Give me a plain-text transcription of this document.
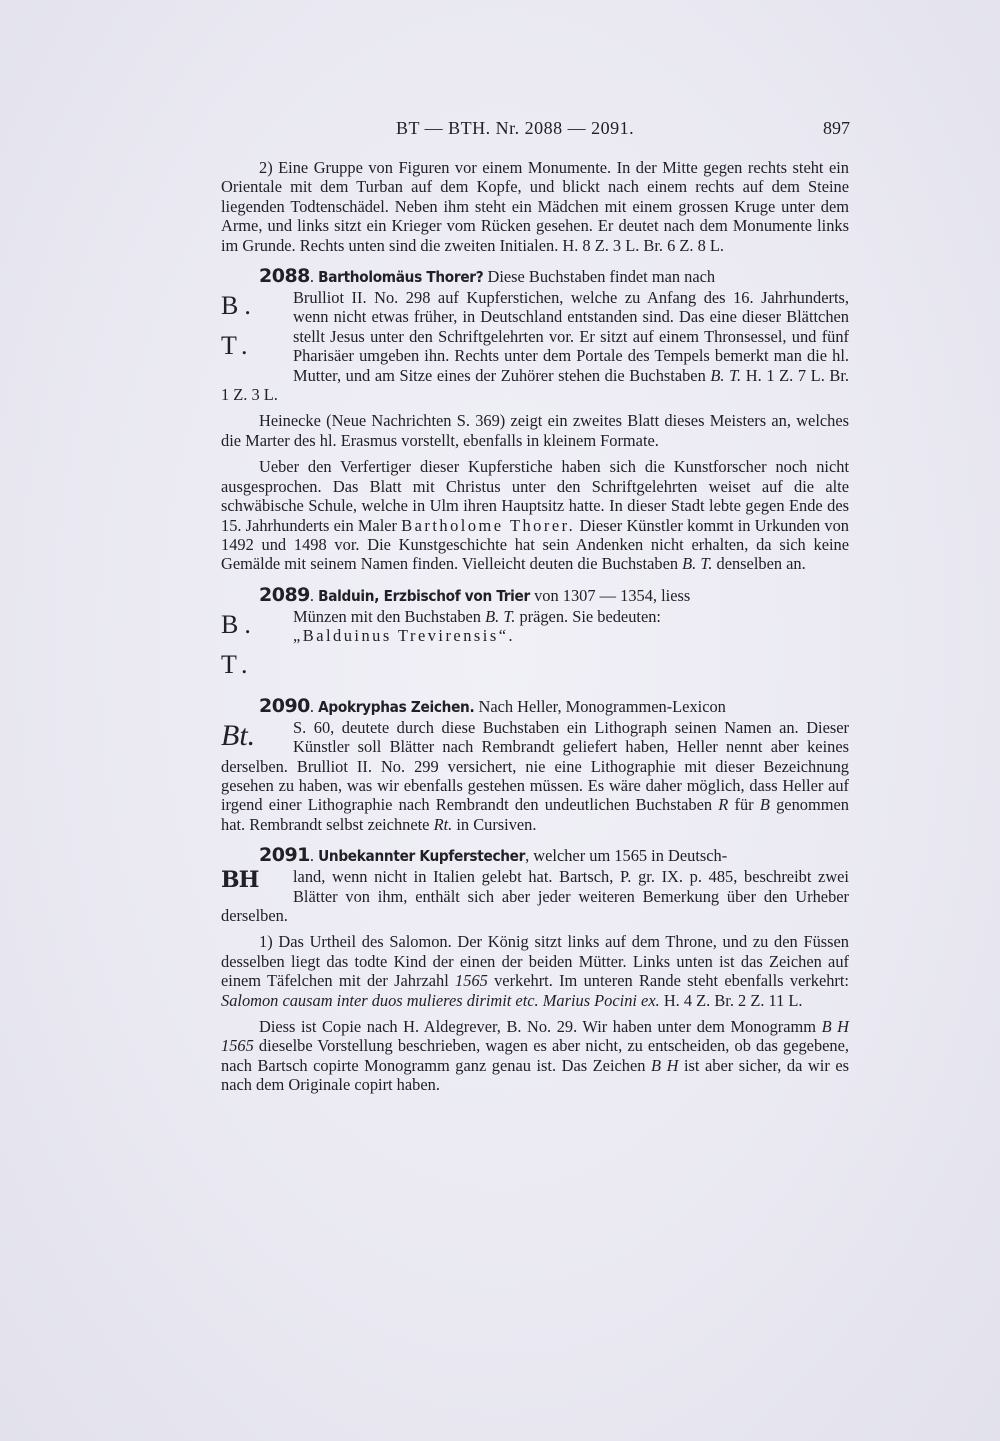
BT — BTH. Nr. 2088 — 2091.	897

2) Eine Gruppe von Figuren vor einem Monumente. In der Mitte gegen rechts steht ein Orientale mit dem Turban auf dem Kopfe, und blickt nach einem rechts auf dem Steine liegenden Todtenschädel. Neben ihm steht ein Mädchen mit einem grossen Kruge unter dem Arme, und links sitzt ein Krieger vom Rücken gesehen. Er deutet nach dem Monumente links im Grunde. Rechts unten sind die zweiten Initialen. H. 8 Z. 3 L. Br. 6 Z. 8 L.

2088. Bartholomäus Thorer? Diese Buchstaben findet man nach
B. T.

Brulliot II. No. 298 auf Kupferstichen, welche zu Anfang des 16. Jahrhunderts, wenn nicht etwas früher, in Deutschland entstanden sind. Das eine dieser Blättchen stellt Jesus unter den Schriftgelehrten vor. Er sitzt auf einem Thronsessel, und fünf Pharisäer umgeben ihn. Rechts unter dem Portale des Tempels bemerkt man die hl. Mutter, und am Sitze eines der Zuhörer stehen die Buchstaben B. T. H. 1 Z. 7 L. Br. 1 Z. 3 L.

Heinecke (Neue Nachrichten S. 369) zeigt ein zweites Blatt dieses Meisters an, welches die Marter des hl. Erasmus vorstellt, ebenfalls in kleinem Formate.

Ueber den Verfertiger dieser Kupferstiche haben sich die Kunstforscher noch nicht ausgesprochen. Das Blatt mit Christus unter den Schriftgelehrten weiset auf die alte schwäbische Schule, welche in Ulm ihren Hauptsitz hatte. In dieser Stadt lebte gegen Ende des 15. Jahrhunderts ein Maler Bartholome Thorer. Dieser Künstler kommt in Urkunden von 1492 und 1498 vor. Die Kunstgeschichte hat sein Andenken nicht erhalten, da sich keine Gemälde mit seinem Namen finden. Vielleicht deuten die Buchstaben B. T. denselben an.

2089. Balduin, Erzbischof von Trier von 1307 — 1354, liess
B. T.

Münzen mit den Buchstaben B. T. prägen. Sie bedeuten:
„Balduinus Trevirensis“.

2090. Apokryphas Zeichen. Nach Heller, Monogrammen-Lexicon
Bt.	S. 60, deutete durch diese Buchstaben ein Lithograph seinen Namen an. Dieser Künstler soll Blätter nach Rembrandt geliefert haben, Heller nennt aber keines derselben. Brulliot II. No. 299 versichert, nie eine Lithographie mit dieser Bezeichnung gesehen zu haben, was wir ebenfalls gestehen müssen. Es wäre daher möglich, dass Heller auf irgend einer Lithographie nach Rembrandt den undeutlichen Buchstaben R für B genommen hat. Rembrandt selbst zeichnete Rt. in Cursiven.

2091. Unbekannter Kupferstecher, welcher um 1565 in Deutsch-
BH	land, wenn nicht in Italien gelebt hat. Bartsch, P. gr. IX. p. 485, beschreibt zwei Blätter von ihm, enthält sich aber jeder weiteren Bemerkung über den Urheber derselben.

1) Das Urtheil des Salomon. Der König sitzt links auf dem Throne, und zu den Füssen desselben liegt das todte Kind der einen der beiden Mütter. Links unten ist das Zeichen auf einem Täfelchen mit der Jahrzahl 1565 verkehrt. Im unteren Rande steht ebenfalls verkehrt: Salomon causam inter duos mulieres dirimit etc. Marius Pocini ex. H. 4 Z. Br. 2 Z. 11 L.

Diess ist Copie nach H. Aldegrever, B. No. 29. Wir haben unter dem Monogramm B H 1565 dieselbe Vorstellung beschrieben, wagen es aber nicht, zu entscheiden, ob das gegebene, nach Bartsch copirte Monogramm ganz genau ist. Das Zeichen B H ist aber sicher, da wir es nach dem Originale copirt haben.
